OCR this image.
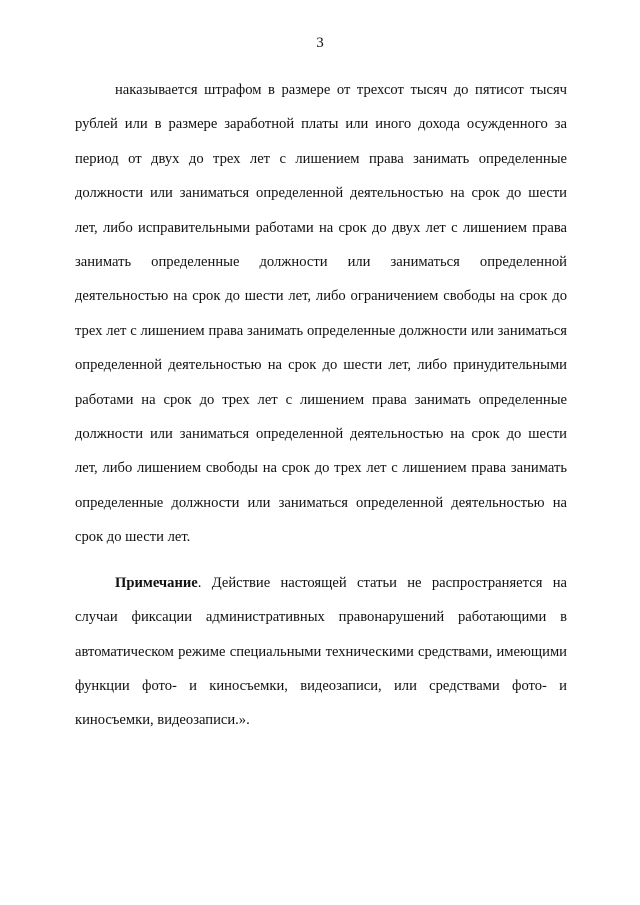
3

наказывается штрафом в размере от трехсот тысяч до пятисот тысяч рублей или в размере заработной платы или иного дохода осужденного за период от двух до трех лет с лишением права занимать определенные должности или заниматься определенной деятельностью на срок до шести лет, либо исправительными работами на срок до двух лет с лишением права занимать определенные должности или заниматься определенной деятельностью на срок до шести лет, либо ограничением свободы на срок до трех лет с лишением права занимать определенные должности или заниматься определенной деятельностью на срок до шести лет, либо принудительными работами на срок до трех лет с лишением права занимать определенные должности или заниматься определенной деятельностью на срок до шести лет, либо лишением свободы на срок до трех лет с лишением права занимать определенные должности или заниматься определенной деятельностью на срок до шести лет.

Примечание. Действие настоящей статьи не распространяется на случаи фиксации административных правонарушений работающими в автоматическом режиме специальными техническими средствами, имеющими функции фото- и киносъемки, видеозаписи, или средствами фото- и киносъемки, видеозаписи.».
